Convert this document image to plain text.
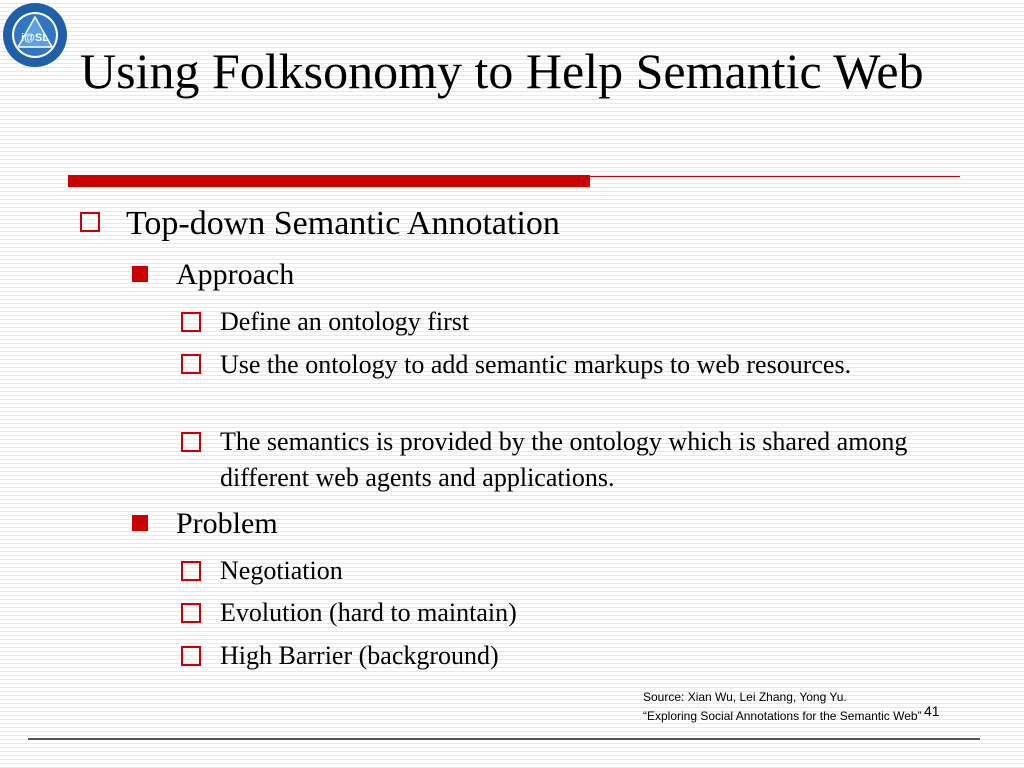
i@SL
Using Folksonomy to Help Semantic Web
Top-down Semantic Annotation
Approach
Define an ontology first
Use the ontology to add semantic markups to web resources.
The semantics is provided by the ontology which is shared among different web agents and applications.
Problem
Negotiation
Evolution (hard to maintain)
High Barrier (background)
Source: Xian Wu, Lei Zhang, Yong Yu.
“Exploring Social Annotations for the Semantic Web” 41
